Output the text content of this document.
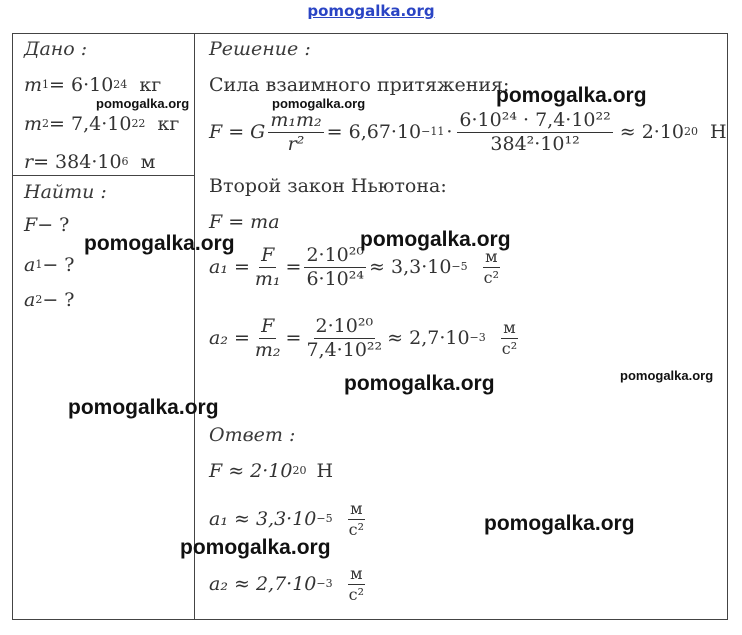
pomogalka.org
Дано :
m 1 = 6·10 24
кг
m 2 = 7,4·10 22
кг
r = 384·10 6
м
Найти :
F − ?
a 1 − ?
a 2 − ?
Решение :
Сила взаимного притяжения:
F = G $\frac{\text{m₁m₂}}{\text{r²}} = 6,67\cdot 10 -11 \cdot \frac{\text{6·10²⁴ · 7,4·10²²}}{\text{384²·10¹²}} \approx 2\cdot 10$ 20 Н
Второй закон Ньютона:
F = ma
$a_1 = \frac{F}{\text{m₁}} = \frac{\text{2·10²⁰}}{\text{6·10²⁴}} \approx 3,3\cdot 10 -5 \frac{м}{\text{с²}}$
$a_2 = \frac{F}{\text{m₂}} = \frac{\text{2·10²⁰}}{\text{7,4·10²²}} \approx 2,7\cdot 10 -3 \frac{м}{\text{с²}}$
Ответ :
F ≈ 2·10 20 Н
$a_1 \approx 3,3\cdot 10 -5 \frac{м}{\text{с²}}$
$a_2 \approx 2,7\cdot 10 -3 \frac{м}{\text{с²}}$
pomogalka.org	pomogalka.org	pomogalka.org
pomogalka.org	pomogalka.org
pomogalka.org	pomogalka.org
pomogalka.org
pomogalka.org
pomogalka.org
